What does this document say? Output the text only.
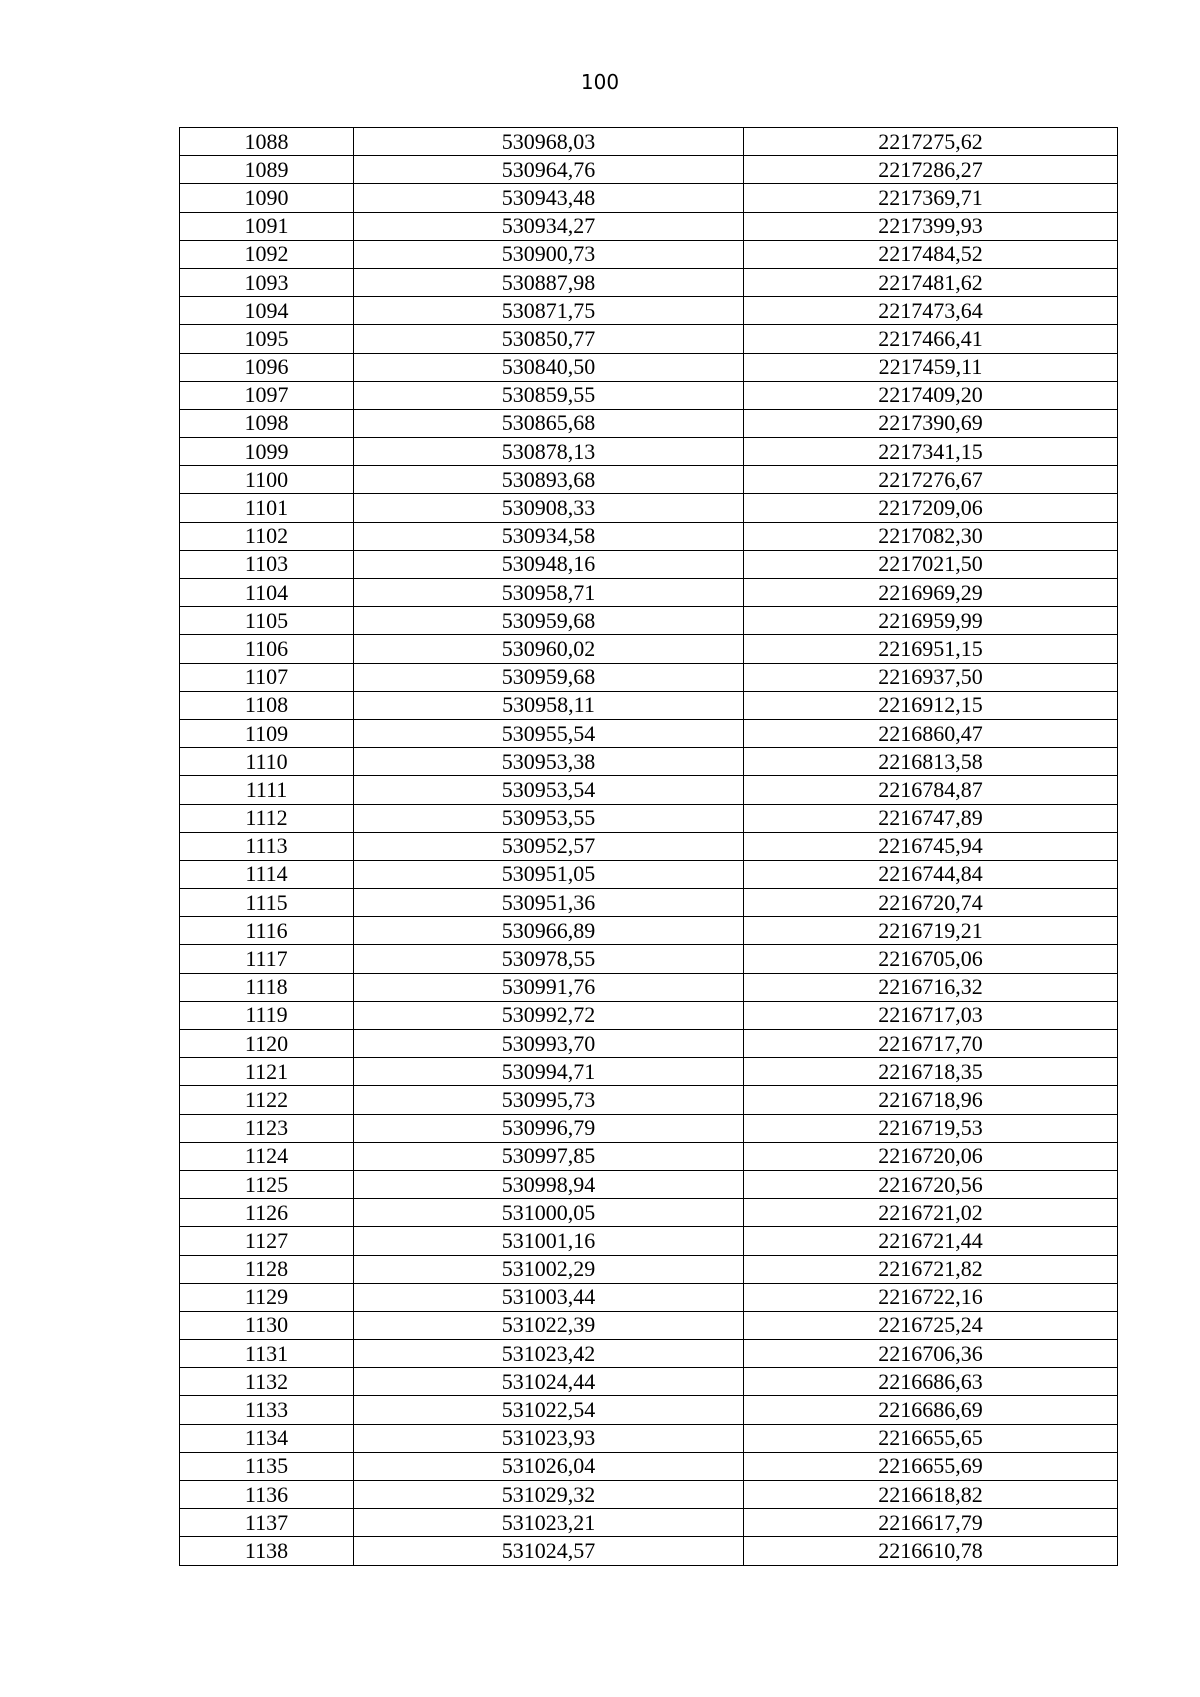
100
1088	530968,03	2217275,62
1089	530964,76	2217286,27
1090	530943,48	2217369,71
1091	530934,27	2217399,93
1092	530900,73	2217484,52
1093	530887,98	2217481,62
1094	530871,75	2217473,64
1095	530850,77	2217466,41
1096	530840,50	2217459,11
1097	530859,55	2217409,20
1098	530865,68	2217390,69
1099	530878,13	2217341,15
1100	530893,68	2217276,67
1101	530908,33	2217209,06
1102	530934,58	2217082,30
1103	530948,16	2217021,50
1104	530958,71	2216969,29
1105	530959,68	2216959,99
1106	530960,02	2216951,15
1107	530959,68	2216937,50
1108	530958,11	2216912,15
1109	530955,54	2216860,47
1110	530953,38	2216813,58
1111	530953,54	2216784,87
1112	530953,55	2216747,89
1113	530952,57	2216745,94
1114	530951,05	2216744,84
1115	530951,36	2216720,74
1116	530966,89	2216719,21
1117	530978,55	2216705,06
1118	530991,76	2216716,32
1119	530992,72	2216717,03
1120	530993,70	2216717,70
1121	530994,71	2216718,35
1122	530995,73	2216718,96
1123	530996,79	2216719,53
1124	530997,85	2216720,06
1125	530998,94	2216720,56
1126	531000,05	2216721,02
1127	531001,16	2216721,44
1128	531002,29	2216721,82
1129	531003,44	2216722,16
1130	531022,39	2216725,24
1131	531023,42	2216706,36
1132	531024,44	2216686,63
1133	531022,54	2216686,69
1134	531023,93	2216655,65
1135	531026,04	2216655,69
1136	531029,32	2216618,82
1137	531023,21	2216617,79
1138	531024,57	2216610,78
